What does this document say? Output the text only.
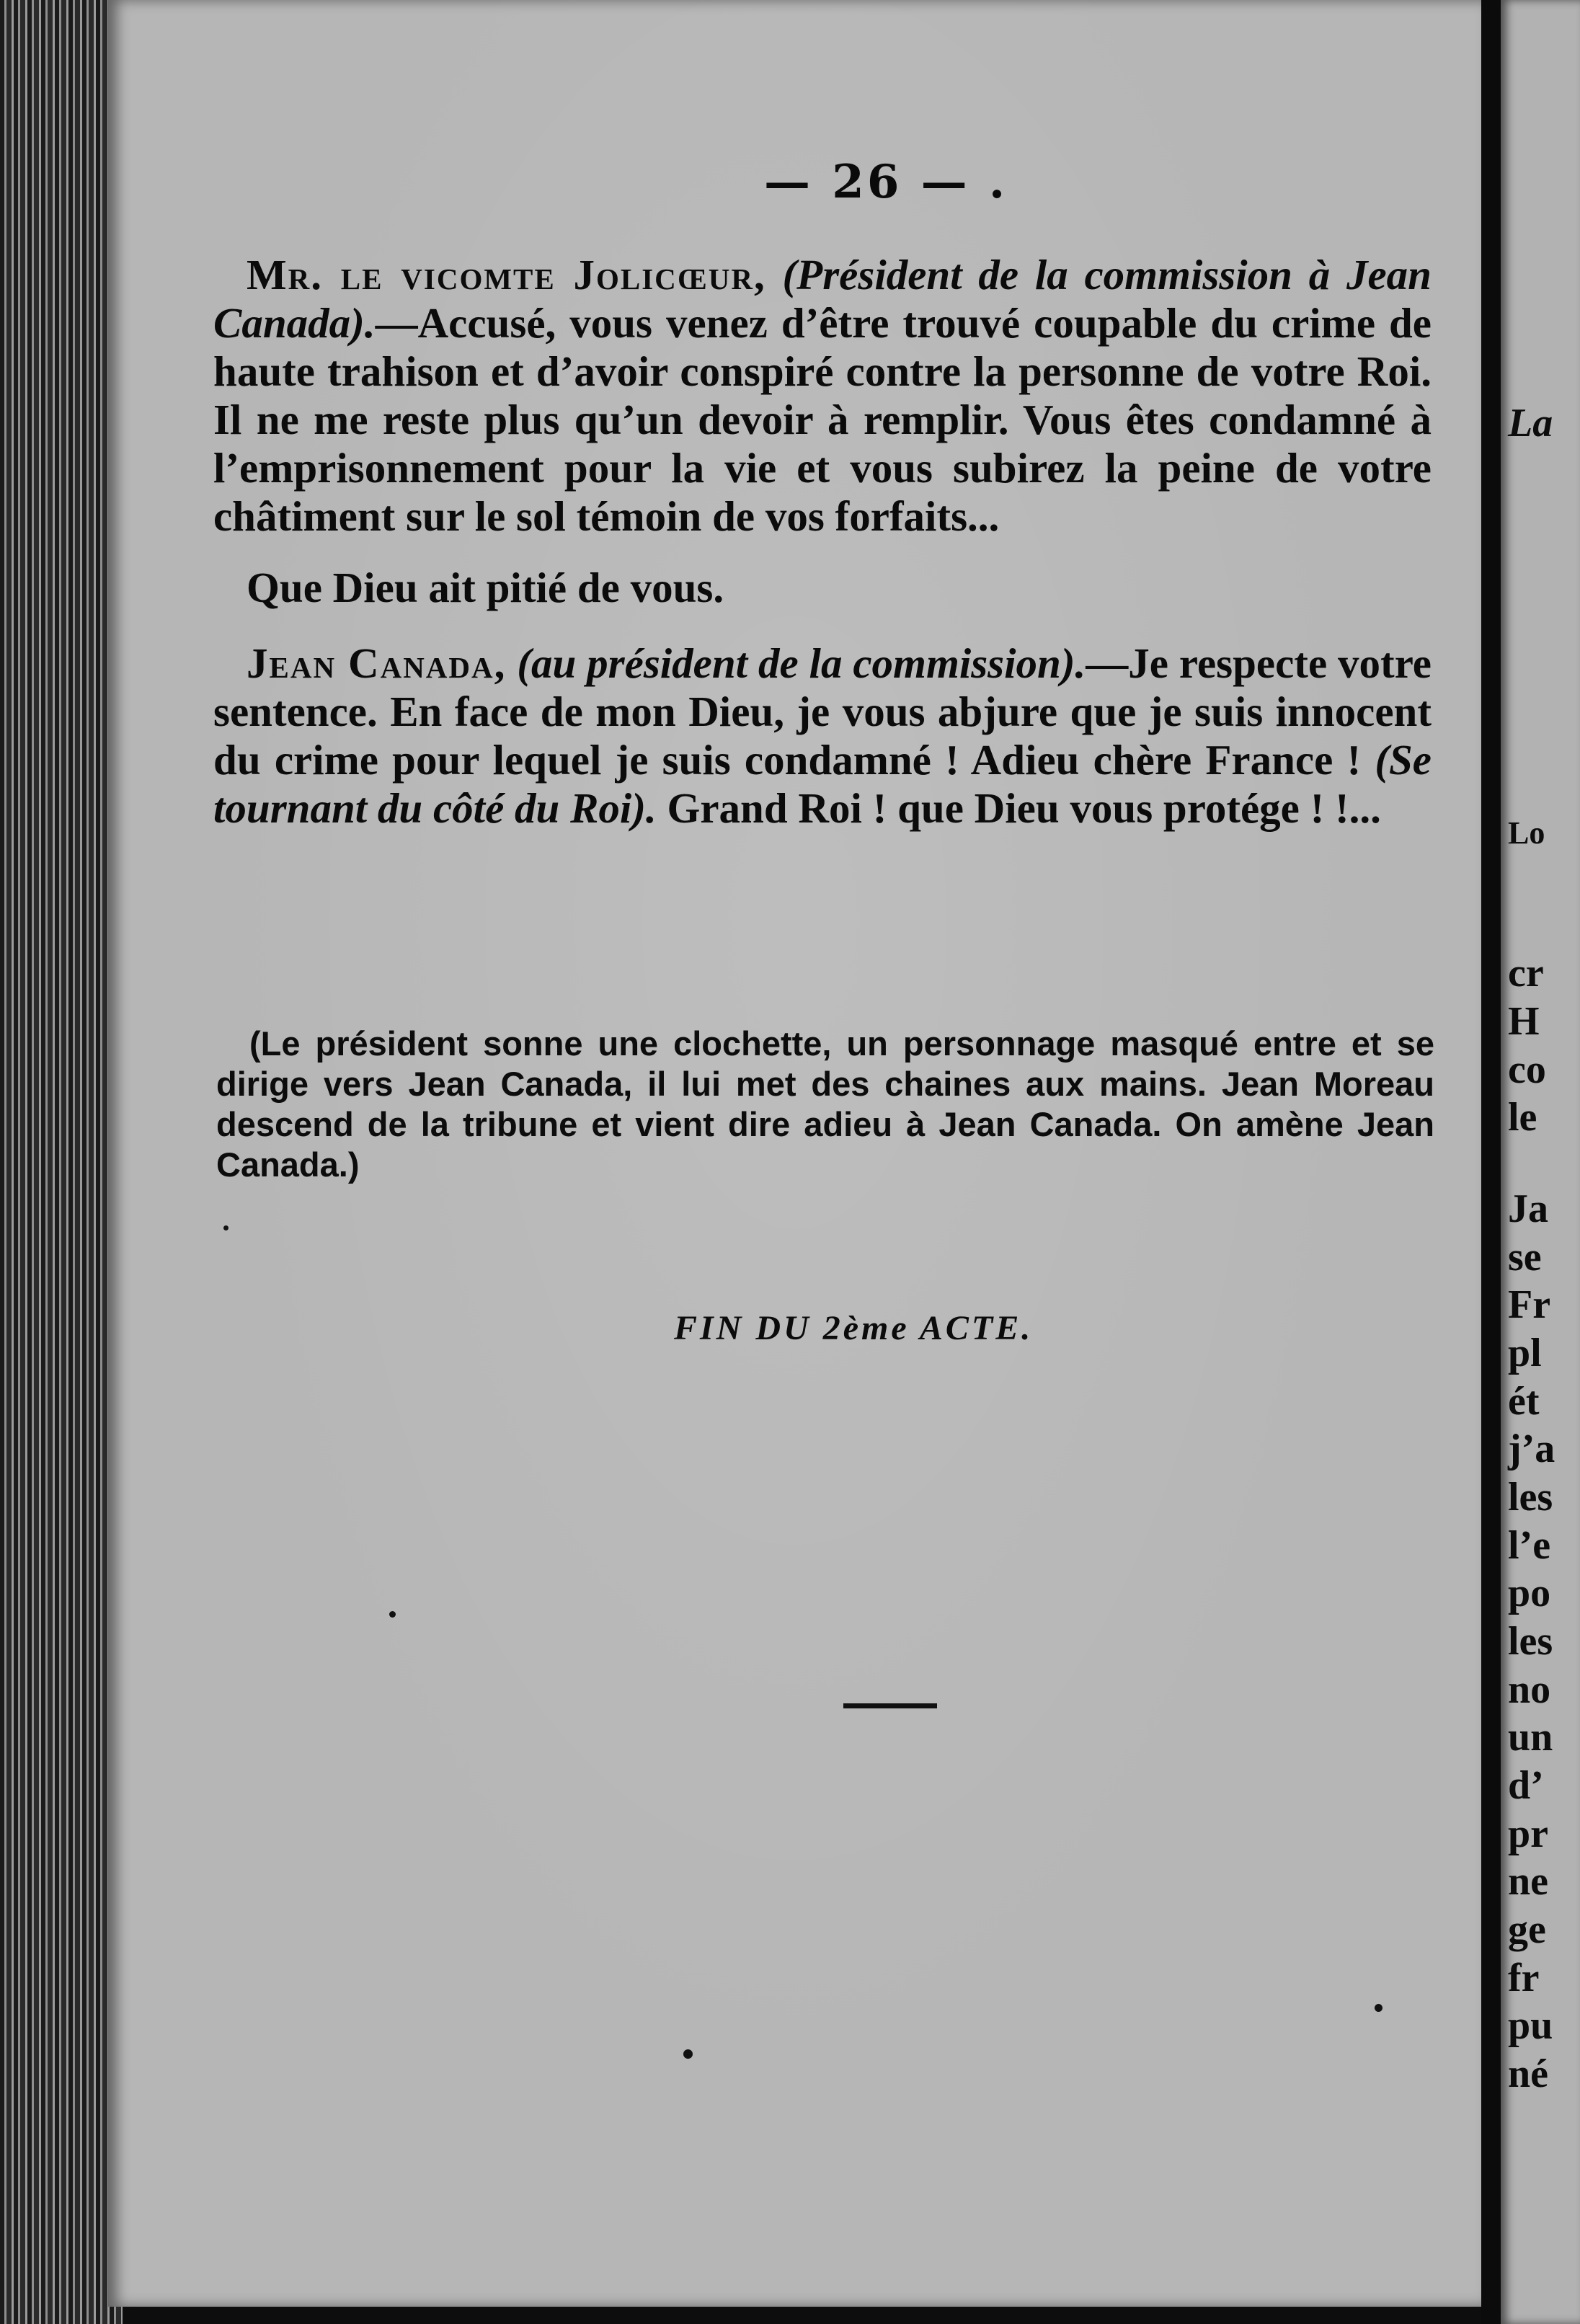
La
Lo
cr
H
co
le
Ja
se
Fr
pl
ét
j’a
les
l’e
po
les
no
un
d’
pr
ne
ge
fr
pu
né
— 26 — .

Mr. le vicomte Jolicœur, (Président de la commission à Jean Canada).—Accusé, vous venez d’être trouvé coupable du crime de haute trahison et d’avoir conspiré contre la personne de votre Roi. Il ne me reste plus qu’un devoir à remplir. Vous êtes condamné à l’emprisonnement pour la vie et vous subirez la peine de votre châtiment sur le sol témoin de vos forfaits...

Que Dieu ait pitié de vous.

Jean Canada, (au président de la commission).—Je respecte votre sentence. En face de mon Dieu, je vous abjure que je suis innocent du crime pour lequel je suis condamné ! Adieu chère France ! (Se tournant du côté du Roi). Grand Roi ! que Dieu vous protége ! !...

(Le président sonne une clochette, un personnage masqué entre et se dirige vers Jean Canada, il lui met des chaines aux mains. Jean Moreau descend de la tribune et vient dire adieu à Jean Canada. On amène Jean Canada.)
FIN DU 2ème ACTE.
